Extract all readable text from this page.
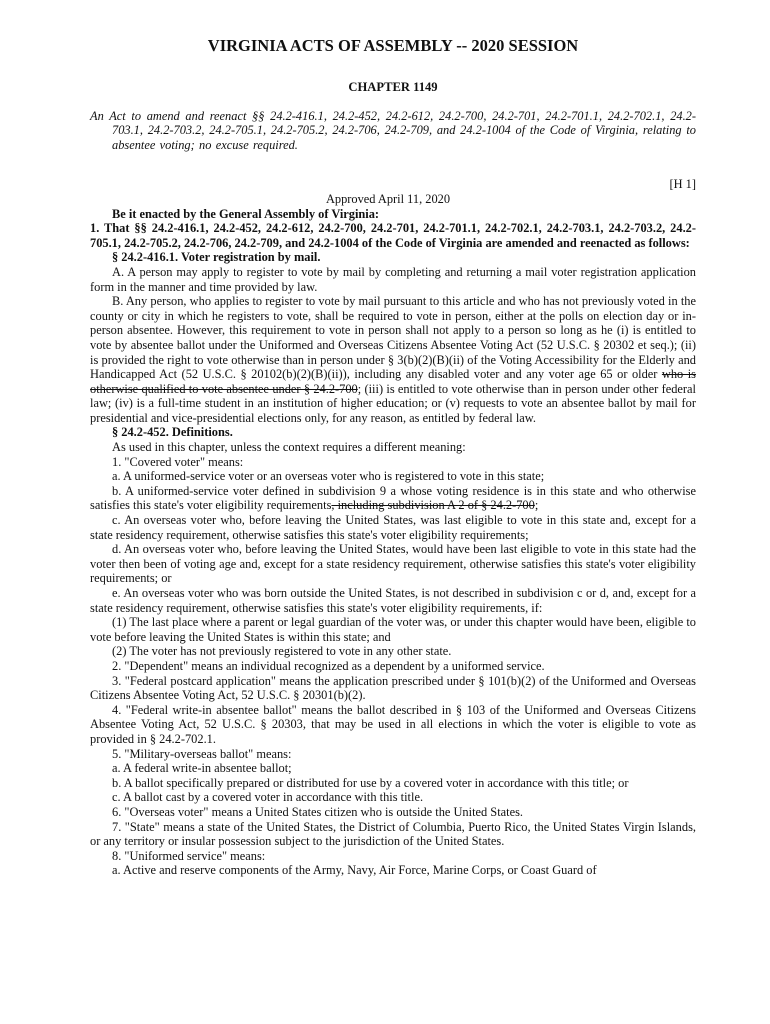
VIRGINIA ACTS OF ASSEMBLY -- 2020 SESSION
CHAPTER 1149
An Act to amend and reenact §§ 24.2-416.1, 24.2-452, 24.2-612, 24.2-700, 24.2-701, 24.2-701.1, 24.2-702.1, 24.2-703.1, 24.2-703.2, 24.2-705.1, 24.2-705.2, 24.2-706, 24.2-709, and 24.2-1004 of the Code of Virginia, relating to absentee voting; no excuse required.
[H 1]
Approved April 11, 2020

Be it enacted by the General Assembly of Virginia:

1. That §§ 24.2-416.1, 24.2-452, 24.2-612, 24.2-700, 24.2-701, 24.2-701.1, 24.2-702.1, 24.2-703.1, 24.2-703.2, 24.2-705.1, 24.2-705.2, 24.2-706, 24.2-709, and 24.2-1004 of the Code of Virginia are amended and reenacted as follows:

§ 24.2-416.1. Voter registration by mail.

A. A person may apply to register to vote by mail by completing and returning a mail voter registration application form in the manner and time provided by law.

B. Any person, who applies to register to vote by mail pursuant to this article and who has not previously voted in the county or city in which he registers to vote, shall be required to vote in person, either at the polls on election day or in-person absentee. However, this requirement to vote in person shall not apply to a person so long as he (i) is entitled to vote by absentee ballot under the Uniformed and Overseas Citizens Absentee Voting Act (52 U.S.C. § 20302 et seq.); (ii) is provided the right to vote otherwise than in person under § 3(b)(2)(B)(ii) of the Voting Accessibility for the Elderly and Handicapped Act (52 U.S.C. § 20102(b)(2)(B)(ii)), including any disabled voter and any voter age 65 or older who is otherwise qualified to vote absentee under § 24.2-700; (iii) is entitled to vote otherwise than in person under other federal law; (iv) is a full-time student in an institution of higher education; or (v) requests to vote an absentee ballot by mail for presidential and vice-presidential elections only, for any reason, as entitled by federal law.

§ 24.2-452. Definitions.

As used in this chapter, unless the context requires a different meaning:

1. "Covered voter" means:

a. A uniformed-service voter or an overseas voter who is registered to vote in this state;

b. A uniformed-service voter defined in subdivision 9 a whose voting residence is in this state and who otherwise satisfies this state's voter eligibility requirements, including subdivision A 2 of § 24.2-700;

c. An overseas voter who, before leaving the United States, was last eligible to vote in this state and, except for a state residency requirement, otherwise satisfies this state's voter eligibility requirements;

d. An overseas voter who, before leaving the United States, would have been last eligible to vote in this state had the voter then been of voting age and, except for a state residency requirement, otherwise satisfies this state's voter eligibility requirements; or

e. An overseas voter who was born outside the United States, is not described in subdivision c or d, and, except for a state residency requirement, otherwise satisfies this state's voter eligibility requirements, if:

(1) The last place where a parent or legal guardian of the voter was, or under this chapter would have been, eligible to vote before leaving the United States is within this state; and

(2) The voter has not previously registered to vote in any other state.

2. "Dependent" means an individual recognized as a dependent by a uniformed service.

3. "Federal postcard application" means the application prescribed under § 101(b)(2) of the Uniformed and Overseas Citizens Absentee Voting Act, 52 U.S.C. § 20301(b)(2).

4. "Federal write-in absentee ballot" means the ballot described in § 103 of the Uniformed and Overseas Citizens Absentee Voting Act, 52 U.S.C. § 20303, that may be used in all elections in which the voter is eligible to vote as provided in § 24.2-702.1.

5. "Military-overseas ballot" means:

a. A federal write-in absentee ballot;

b. A ballot specifically prepared or distributed for use by a covered voter in accordance with this title; or

c. A ballot cast by a covered voter in accordance with this title.

6. "Overseas voter" means a United States citizen who is outside the United States.

7. "State" means a state of the United States, the District of Columbia, Puerto Rico, the United States Virgin Islands, or any territory or insular possession subject to the jurisdiction of the United States.

8. "Uniformed service" means:

a. Active and reserve components of the Army, Navy, Air Force, Marine Corps, or Coast Guard of
